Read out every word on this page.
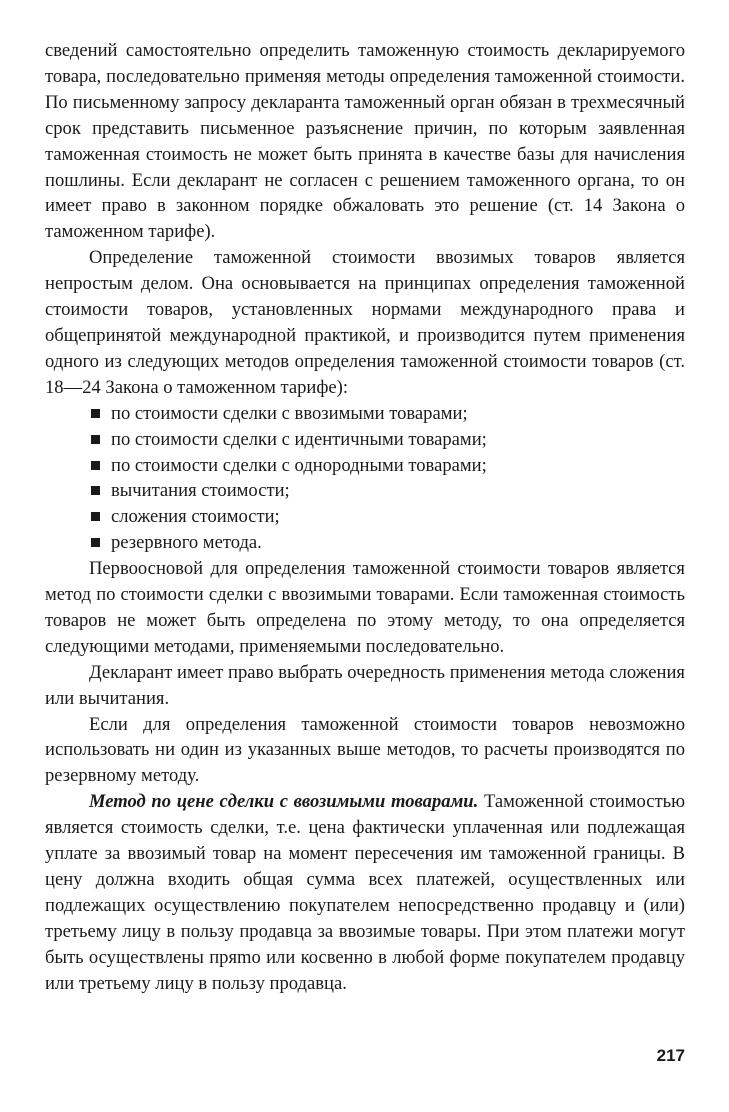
сведений самостоятельно определить таможенную стоимость декларируемого товара, последовательно применяя методы определения таможенной стоимости. По письменному запросу декларанта таможенный орган обязан в трехмесячный срок представить письменное разъяснение причин, по которым заявленная таможенная стоимость не может быть принята в качестве базы для начисления пошлины. Если декларант не согласен с решением таможенного органа, то он имеет право в законном порядке обжаловать это решение (ст. 14 Закона о таможенном тарифе).

Определение таможенной стоимости ввозимых товаров является непростым делом. Она основывается на принципах определения таможенной стоимости товаров, установленных нормами международного права и общепринятой международной практикой, и производится путем применения одного из следующих методов определения таможенной стоимости товаров (ст. 18—24 Закона о таможенном тарифе):

по стоимости сделки с ввозимыми товарами;
по стоимости сделки с идентичными товарами;
по стоимости сделки с однородными товарами;
вычитания стоимости;
сложения стоимости;
резервного метода.

Первоосновой для определения таможенной стоимости товаров является метод по стоимости сделки с ввозимыми товарами. Если таможенная стоимость товаров не может быть определена по этому методу, то она определяется следующими методами, применяемыми последовательно.

Декларант имеет право выбрать очередность применения метода сложения или вычитания.

Если для определения таможенной стоимости товаров невозможно использовать ни один из указанных выше методов, то расчеты производятся по резервному методу.

Метод по цене сделки с ввозимыми товарами. Таможенной стоимостью является стоимость сделки, т.е. цена фактически уплаченная или подлежащая уплате за ввозимый товар на момент пересечения им таможенной границы. В цену должна входить общая сумма всех платежей, осуществленных или подлежащих осуществлению покупателем непосредственно продавцу и (или) третьему лицу в пользу продавца за ввозимые товары. При этом платежи могут быть осуществлены пряmo или косвенно в любой форме покупателем продавцу или третьему лицу в пользу продавца.

217
